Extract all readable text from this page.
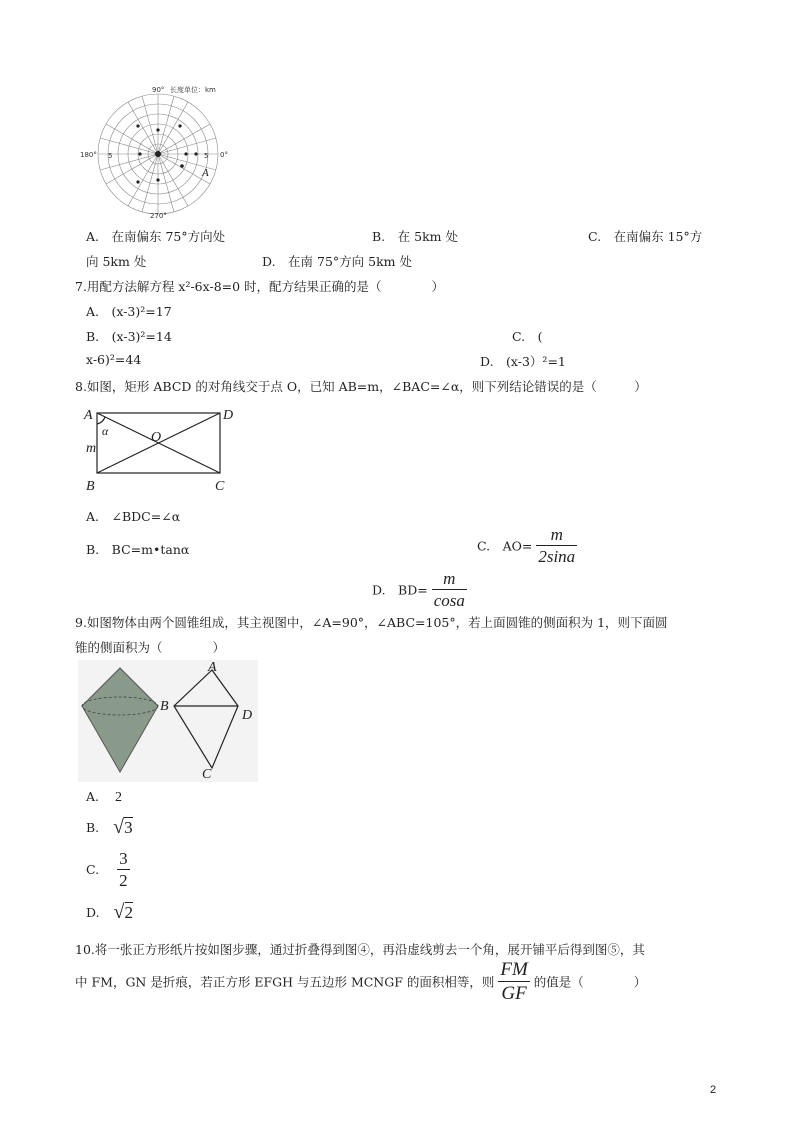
90° 长度单位：km
180°	0°
270°
5	5
A
A.　在南偏东 75°方向处	B.　在 5km 处	C.　在南偏东 15°方
向 5km 处	D.　在南 75°方向 5km 处
7.用配方法解方程 x²-6x-8=0 时，配方结果正确的是（　　　　）
A.　(x-3)²=17
B.　(x-3)²=14	C.　(
x-6)²=44	D.　(x-3）²=1
8.如图，矩形 ABCD 的对角线交于点 O，已知 AB=m，∠BAC=∠α，则下列结论错误的是（　　　）
A	D
B	C
O
m
α
A.　∠BDC=∠α
B.　BC=m•tanα	C.　$AO= \frac{m}{2\sin a}$
D.　$BD= \frac{m}{\cos a}$
9.如图物体由两个圆锥组成，其主视图中，∠A=90°，∠ABC=105°，若上面圆锥的侧面积为 1，则下面圆
锥的侧面积为（　　　　）
A
B
D
C
A. 2
B. √3
C. $\frac{3}{2}$
D. √2
10.将一张正方形纸片按如图步骤，通过折叠得到图④，再沿虚线剪去一个角，展开铺平后得到图⑤，其
中 FM，GN 是折痕，若正方形 EFGH 与五边形 MCNGF 的面积相等，则 $\frac{FM}{GF}$ 的值是（　　　　）
2
